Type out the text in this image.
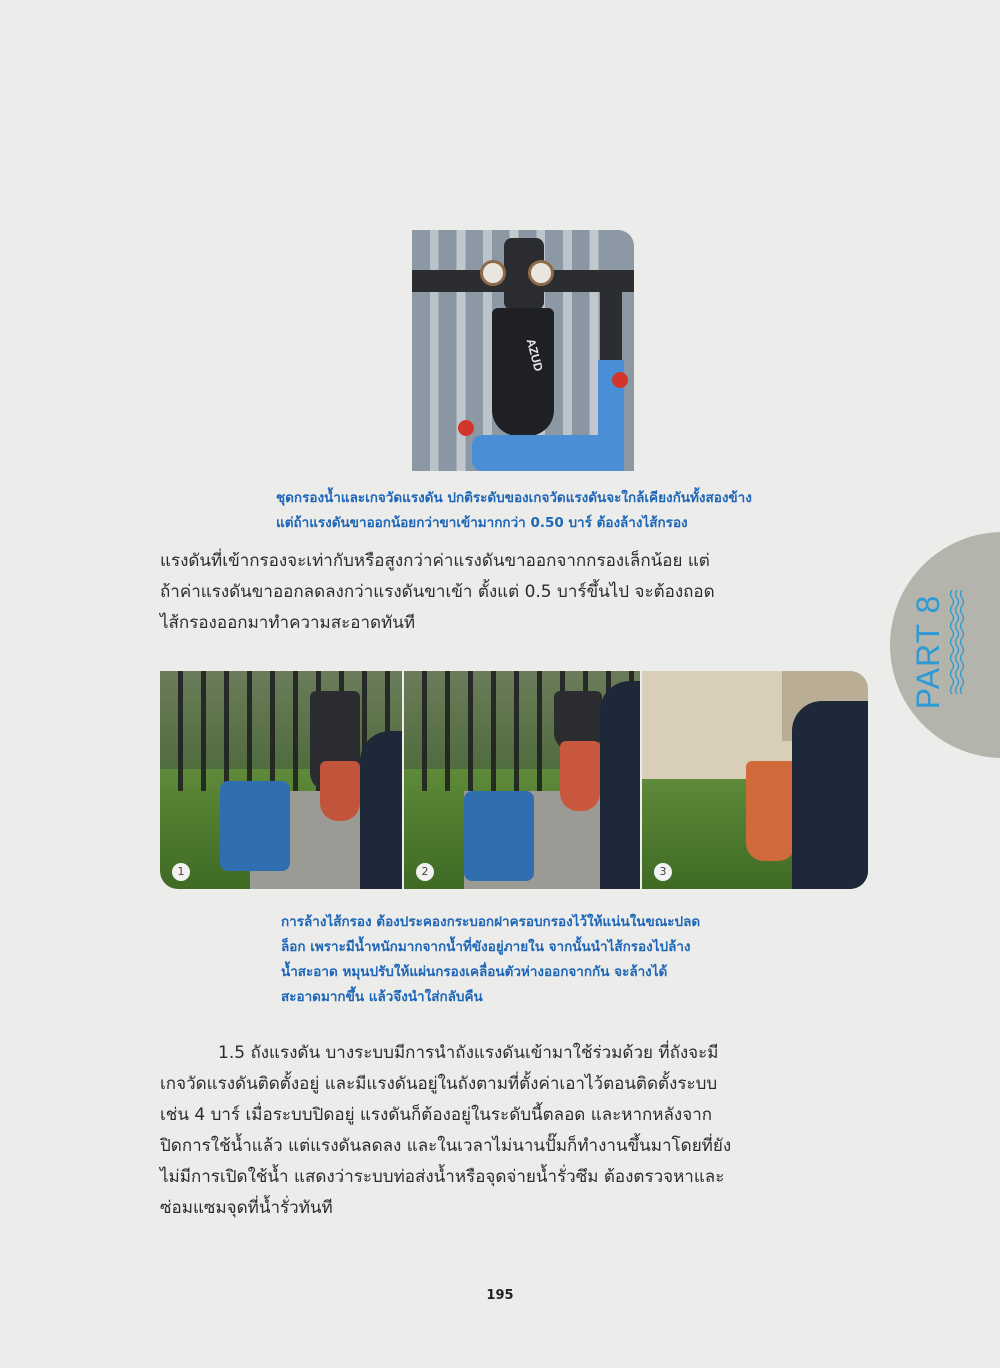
AZUD
ชุดกรองน้ำและเกจวัดแรงดัน ปกติระดับของเกจวัดแรงดันจะใกล้เคียงกันทั้งสองข้าง
แต่ถ้าแรงดันขาออกน้อยกว่าขาเข้ามากกว่า 0.50 บาร์ ต้องล้างไส้กรอง
แรงดันที่เข้ากรองจะเท่ากับหรือสูงกว่าค่าแรงดันขาออกจากกรองเล็กน้อย แต่
ถ้าค่าแรงดันขาออกลดลงกว่าแรงดันขาเข้า ตั้งแต่ 0.5 บาร์ขึ้นไป จะต้องถอด
ไส้กรองออกมาทำความสะอาดทันที	PART 8
1	2	3
การล้างไส้กรอง ต้องประคองกระบอกฝาครอบกรองไว้ให้แน่นในขณะปลด
ล็อก เพราะมีน้ำหนักมากจากน้ำที่ขังอยู่ภายใน จากนั้นนำไส้กรองไปล้าง
น้ำสะอาด หมุนปรับให้แผ่นกรองเคลื่อนตัวห่างออกจากกัน จะล้างได้
สะอาดมากขึ้น แล้วจึงนำใส่กลับคืน
1.5 ถังแรงดัน บางระบบมีการนำถังแรงดันเข้ามาใช้ร่วมด้วย ที่ถังจะมี
เกจวัดแรงดันติดตั้งอยู่ และมีแรงดันอยู่ในถังตามที่ตั้งค่าเอาไว้ตอนติดตั้งระบบ
เช่น 4 บาร์ เมื่อระบบปิดอยู่ แรงดันก็ต้องอยู่ในระดับนี้ตลอด และหากหลังจาก
ปิดการใช้น้ำแล้ว แต่แรงดันลดลง และในเวลาไม่นานปั๊มก็ทำงานขึ้นมาโดยที่ยัง
ไม่มีการเปิดใช้น้ำ แสดงว่าระบบท่อส่งน้ำหรือจุดจ่ายน้ำรั่วซึม ต้องตรวจหาและ
ซ่อมแซมจุดที่น้ำรั่วทันที
195
